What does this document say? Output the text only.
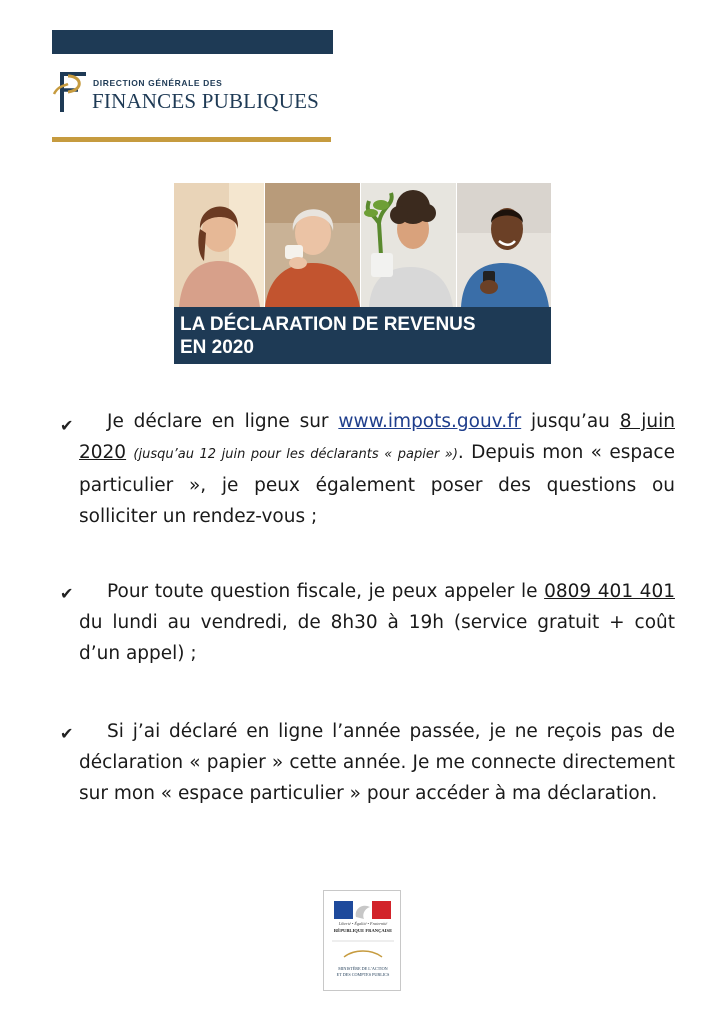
DIRECTION GÉNÉRALE DES
FINANCES PUBLIQUES
LA DÉCLARATION DE REVENUS
EN 2020
✔	Je déclare en ligne sur www.impots.gouv.fr jusqu’au 8 juin 2020 (jusqu’au 12 juin pour les déclarants « papier »). Depuis mon « espace particulier », je peux également poser des questions ou solliciter un rendez-vous ;
✔	Pour toute question fiscale, je peux appeler le 0809 401 401 du lundi au vendredi, de 8h30 à 19h (service gratuit + coût d’un appel) ;
✔	Si j’ai déclaré en ligne l’année passée, je ne reçois pas de déclaration « papier » cette année. Je me connecte directement sur mon « espace particulier » pour accéder à ma déclaration.
Liberté • Égalité • Fraternité
RÉPUBLIQUE FRANÇAISE
MINISTÈRE DE L’ACTION
ET DES COMPTES PUBLICS
